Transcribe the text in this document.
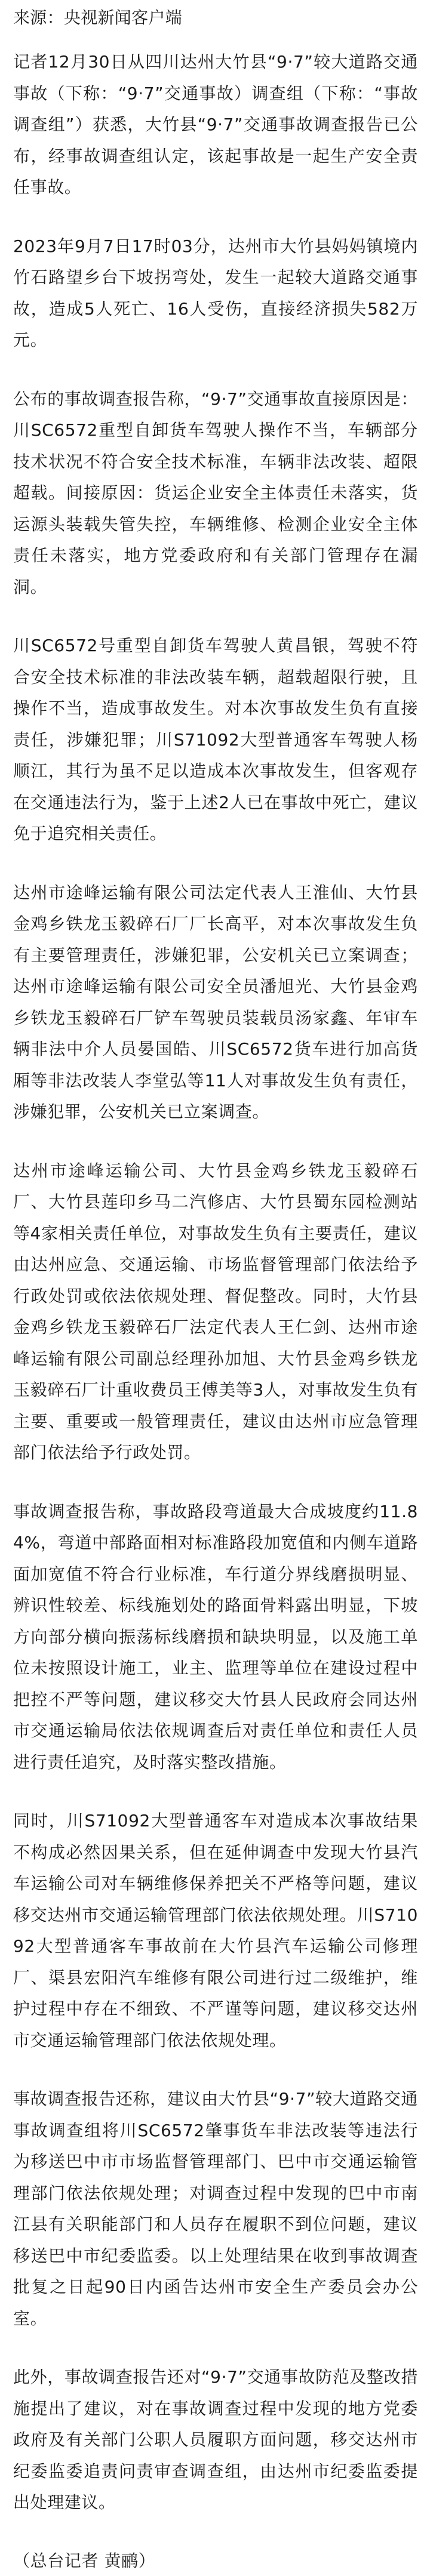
来源：央视新闻客户端

记者12月30日从四川达州大竹县“9·7”较大道路交通事故（下称：“9·7”交通事故）调查组（下称：“事故调查组”）获悉，大竹县“9·7”交通事故调查报告已公布，经事故调查组认定，该起事故是一起生产安全责任事故。

2023年9月7日17时03分，达州市大竹县妈妈镇境内竹石路望乡台下坡拐弯处，发生一起较大道路交通事故，造成5人死亡、16人受伤，直接经济损失582万元。

公布的事故调查报告称，“9·7”交通事故直接原因是：川SC6572重型自卸货车驾驶人操作不当，车辆部分技术状况不符合安全技术标准，车辆非法改装、超限超载。间接原因：货运企业安全主体责任未落实，货运源头装载失管失控，车辆维修、检测企业安全主体责任未落实，地方党委政府和有关部门管理存在漏洞。

川SC6572号重型自卸货车驾驶人黄昌银，驾驶不符合安全技术标准的非法改装车辆，超载超限行驶，且操作不当，造成事故发生。对本次事故发生负有直接责任，涉嫌犯罪；川S71092大型普通客车驾驶人杨顺江，其行为虽不足以造成本次事故发生，但客观存在交通违法行为，鉴于上述2人已在事故中死亡，建议免于追究相关责任。

达州市途峰运输有限公司法定代表人王淮仙、大竹县金鸡乡铁龙玉毅碎石厂厂长高平，对本次事故发生负有主要管理责任，涉嫌犯罪，公安机关已立案调查；达州市途峰运输有限公司安全员潘旭光、大竹县金鸡乡铁龙玉毅碎石厂铲车驾驶员装载员汤家鑫、年审车辆非法中介人员晏国皓、川SC6572货车进行加高货厢等非法改装人李堂弘等11人对事故发生负有责任，涉嫌犯罪，公安机关已立案调查。

达州市途峰运输公司、大竹县金鸡乡铁龙玉毅碎石厂、大竹县莲印乡马二汽修店、大竹县蜀东园检测站等4家相关责任单位，对事故发生负有主要责任，建议由达州应急、交通运输、市场监督管理部门依法给予行政处罚或依法依规处理、督促整改。同时，大竹县金鸡乡铁龙玉毅碎石厂法定代表人王仁剑、达州市途峰运输有限公司副总经理孙加旭、大竹县金鸡乡铁龙玉毅碎石厂计重收费员王傅美等3人，对事故发生负有主要、重要或一般管理责任，建议由达州市应急管理部门依法给予行政处罚。

事故调查报告称，事故路段弯道最大合成坡度约11.84%，弯道中部路面相对标准路段加宽值和内侧车道路面加宽值不符合行业标准，车行道分界线磨损明显、辨识性较差、标线施划处的路面骨料露出明显，下坡方向部分横向振荡标线磨损和缺块明显，以及施工单位未按照设计施工，业主、监理等单位在建设过程中把控不严等问题，建议移交大竹县人民政府会同达州市交通运输局依法依规调查后对责任单位和责任人员进行责任追究，及时落实整改措施。

同时，川S71092大型普通客车对造成本次事故结果不构成必然因果关系，但在延伸调查中发现大竹县汽车运输公司对车辆维修保养把关不严格等问题，建议移交达州市交通运输管理部门依法依规处理。川S71092大型普通客车事故前在大竹县汽车运输公司修理厂、渠县宏阳汽车维修有限公司进行过二级维护，维护过程中存在不细致、不严谨等问题，建议移交达州市交通运输管理部门依法依规处理。

事故调查报告还称，建议由大竹县“9·7”较大道路交通事故调查组将川SC6572肇事货车非法改装等违法行为移送巴中市市场监督管理部门、巴中市交通运输管理部门依法依规处理；对调查过程中发现的巴中市南江县有关职能部门和人员存在履职不到位问题，建议移送巴中市纪委监委。以上处理结果在收到事故调查批复之日起90日内函告达州市安全生产委员会办公室。

此外，事故调查报告还对“9·7”交通事故防范及整改措施提出了建议，对在事故调查过程中发现的地方党委政府及有关部门公职人员履职方面问题，移交达州市纪委监委追责问责审查调查组，由达州市纪委监委提出处理建议。

（总台记者 黄鹂）
